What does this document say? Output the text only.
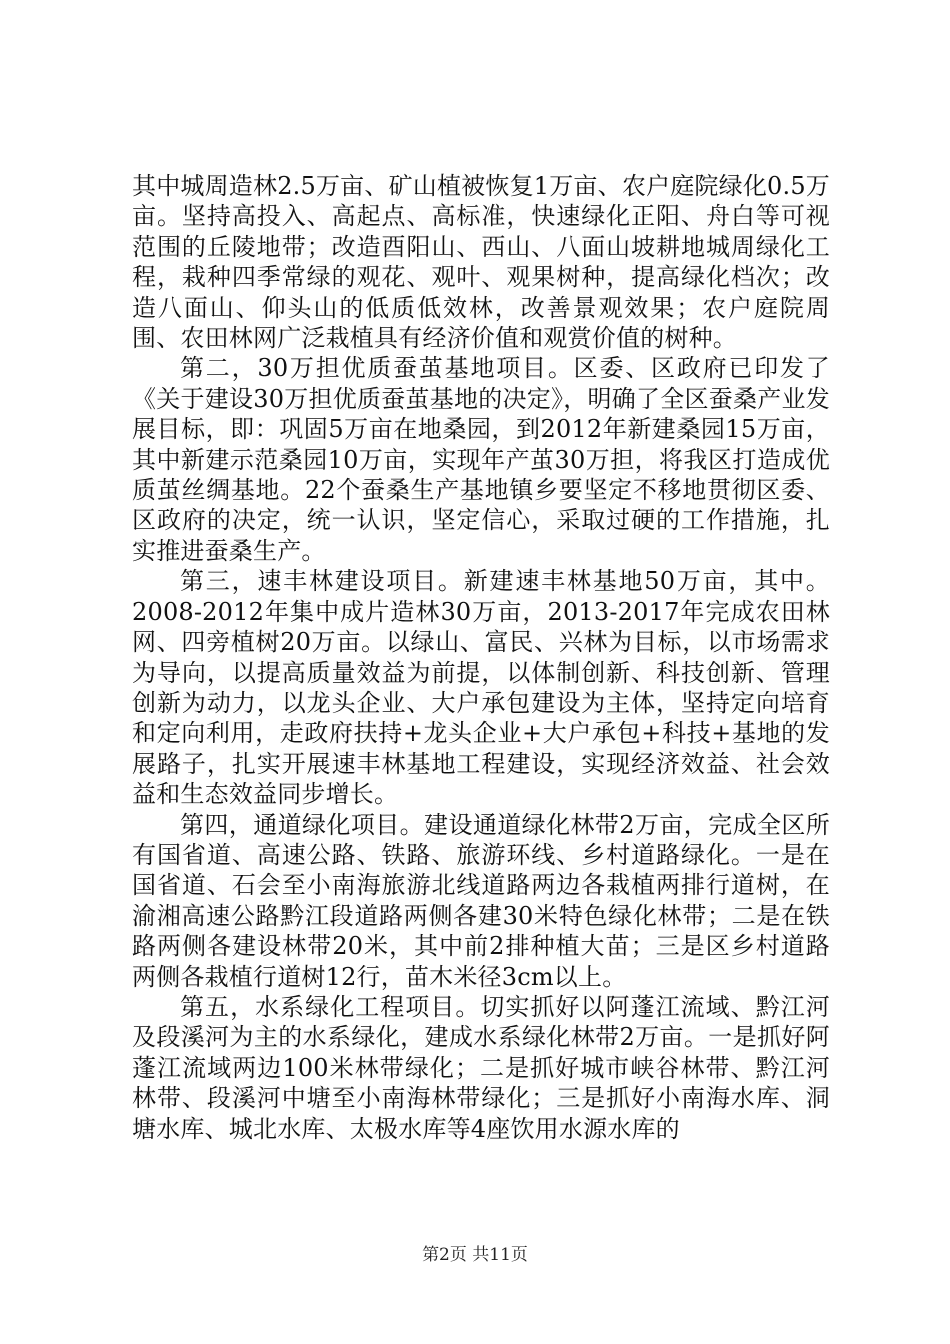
其中城周造林2.5万亩、矿山植被恢复1万亩、农户庭院绿化0.5万亩。坚持高投入、高起点、高标准，快速绿化正阳、舟白等可视范围的丘陵地带；改造酉阳山、西山、八面山坡耕地城周绿化工程，栽种四季常绿的观花、观叶、观果树种，提高绿化档次；改造八面山、仰头山的低质低效林，改善景观效果；农户庭院周围、农田林网广泛栽植具有经济价值和观赏价值的树种。

第二，30万担优质蚕茧基地项目。区委、区政府已印发了《关于建设30万担优质蚕茧基地的决定》，明确了全区蚕桑产业发展目标，即：巩固5万亩在地桑园，到2012年新建桑园15万亩，其中新建示范桑园10万亩，实现年产茧30万担，将我区打造成优质茧丝绸基地。22个蚕桑生产基地镇乡要坚定不移地贯彻区委、区政府的决定，统一认识，坚定信心，采取过硬的工作措施，扎实推进蚕桑生产。

第三，速丰林建设项目。新建速丰林基地50万亩，其中。2008-2012年集中成片造林30万亩，2013-2017年完成农田林网、四旁植树20万亩。以绿山、富民、兴林为目标，以市场需求为导向，以提高质量效益为前提，以体制创新、科技创新、管理创新为动力，以龙头企业、大户承包建设为主体，坚持定向培育和定向利用，走政府扶持+龙头企业+大户承包+科技+基地的发展路子，扎实开展速丰林基地工程建设，实现经济效益、社会效益和生态效益同步增长。

第四，通道绿化项目。建设通道绿化林带2万亩，完成全区所有国省道、高速公路、铁路、旅游环线、乡村道路绿化。一是在国省道、石会至小南海旅游北线道路两边各栽植两排行道树，在渝湘高速公路黔江段道路两侧各建30米特色绿化林带；二是在铁路两侧各建设林带20米，其中前2排种植大苗；三是区乡村道路两侧各栽植行道树12行，苗木米径3cm以上。

第五，水系绿化工程项目。切实抓好以阿蓬江流域、黔江河及段溪河为主的水系绿化，建成水系绿化林带2万亩。一是抓好阿蓬江流域两边100米林带绿化；二是抓好城市峡谷林带、黔江河林带、段溪河中塘至小南海林带绿化；三是抓好小南海水库、洞塘水库、城北水库、太极水库等4座饮用水源水库的

第2页 共11页
